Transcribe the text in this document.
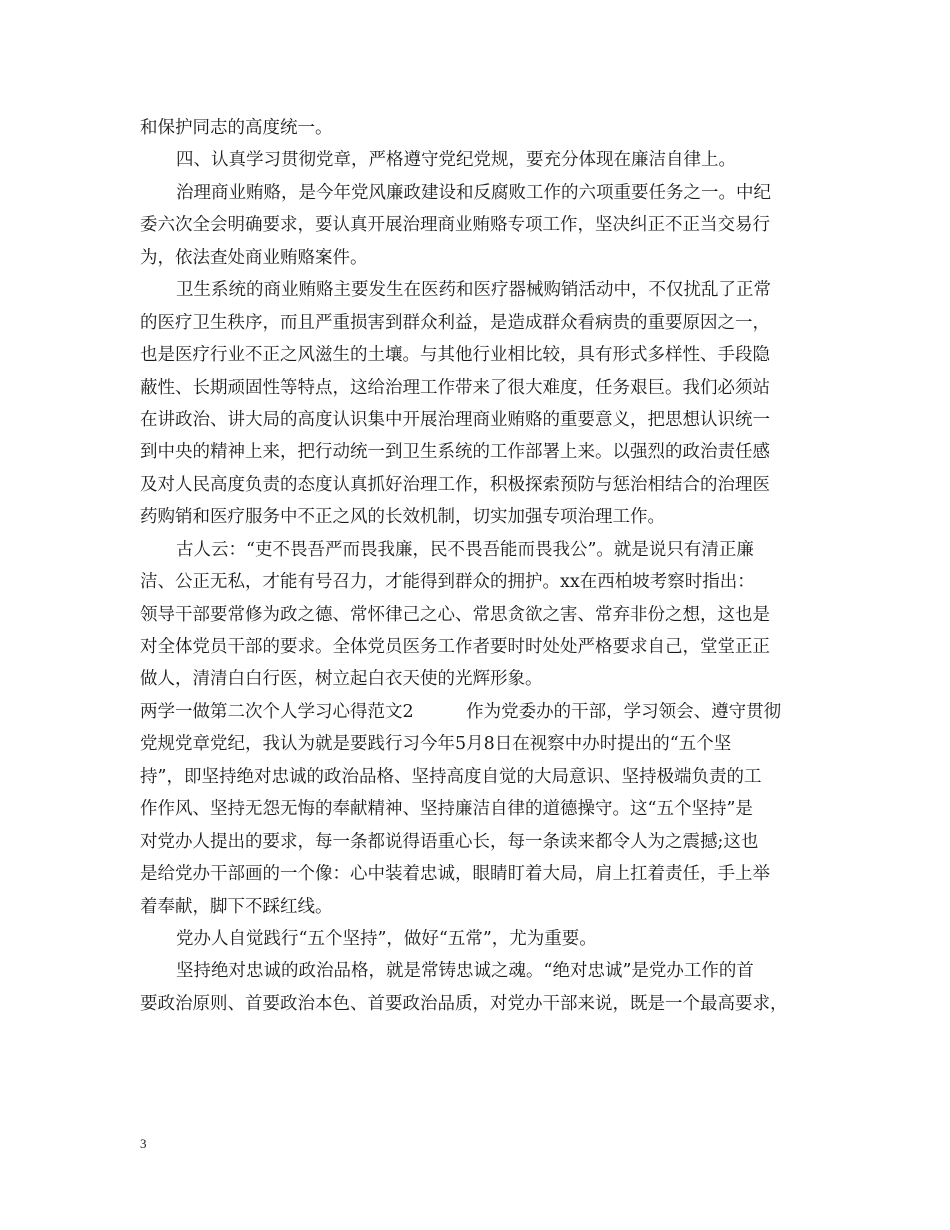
和保护同志的高度统一。
四、认真学习贯彻党章，严格遵守党纪党规，要充分体现在廉洁自律上。
治理商业贿赂，是今年党风廉政建设和反腐败工作的六项重要任务之一。中纪
委六次全会明确要求，要认真开展治理商业贿赂专项工作，坚决纠正不正当交易行
为，依法查处商业贿赂案件。
卫生系统的商业贿赂主要发生在医药和医疗器械购销活动中，不仅扰乱了正常
的医疗卫生秩序，而且严重损害到群众利益，是造成群众看病贵的重要原因之一，
也是医疗行业不正之风滋生的土壤。与其他行业相比较，具有形式多样性、手段隐
蔽性、长期顽固性等特点，这给治理工作带来了很大难度，任务艰巨。我们必须站
在讲政治、讲大局的高度认识集中开展治理商业贿赂的重要意义，把思想认识统一
到中央的精神上来，把行动统一到卫生系统的工作部署上来。以强烈的政治责任感
及对人民高度负责的态度认真抓好治理工作，积极探索预防与惩治相结合的治理医
药购销和医疗服务中不正之风的长效机制，切实加强专项治理工作。
古人云：“吏不畏吾严而畏我廉，民不畏吾能而畏我公”。就是说只有清正廉
洁、公正无私，才能有号召力，才能得到群众的拥护。xx在西柏坡考察时指出：
领导干部要常修为政之德、常怀律己之心、常思贪欲之害、常弃非份之想，这也是
对全体党员干部的要求。全体党员医务工作者要时时处处严格要求自己，堂堂正正
做人，清清白白行医，树立起白衣天使的光辉形象。
两学一做第二次个人学习心得范文2　　　作为党委办的干部，学习领会、遵守贯彻
党规党章党纪，我认为就是要践行习今年5月8日在视察中办时提出的“五个坚
持”，即坚持绝对忠诚的政治品格、坚持高度自觉的大局意识、坚持极端负责的工
作作风、坚持无怨无悔的奉献精神、坚持廉洁自律的道德操守。这“五个坚持”是
对党办人提出的要求，每一条都说得语重心长，每一条读来都令人为之震撼;这也
是给党办干部画的一个像：心中装着忠诚，眼睛盯着大局，肩上扛着责任，手上举
着奉献，脚下不踩红线。
党办人自觉践行“五个坚持”，做好“五常”，尤为重要。
坚持绝对忠诚的政治品格，就是常铸忠诚之魂。“绝对忠诚”是党办工作的首
要政治原则、首要政治本色、首要政治品质，对党办干部来说，既是一个最高要求，
3
